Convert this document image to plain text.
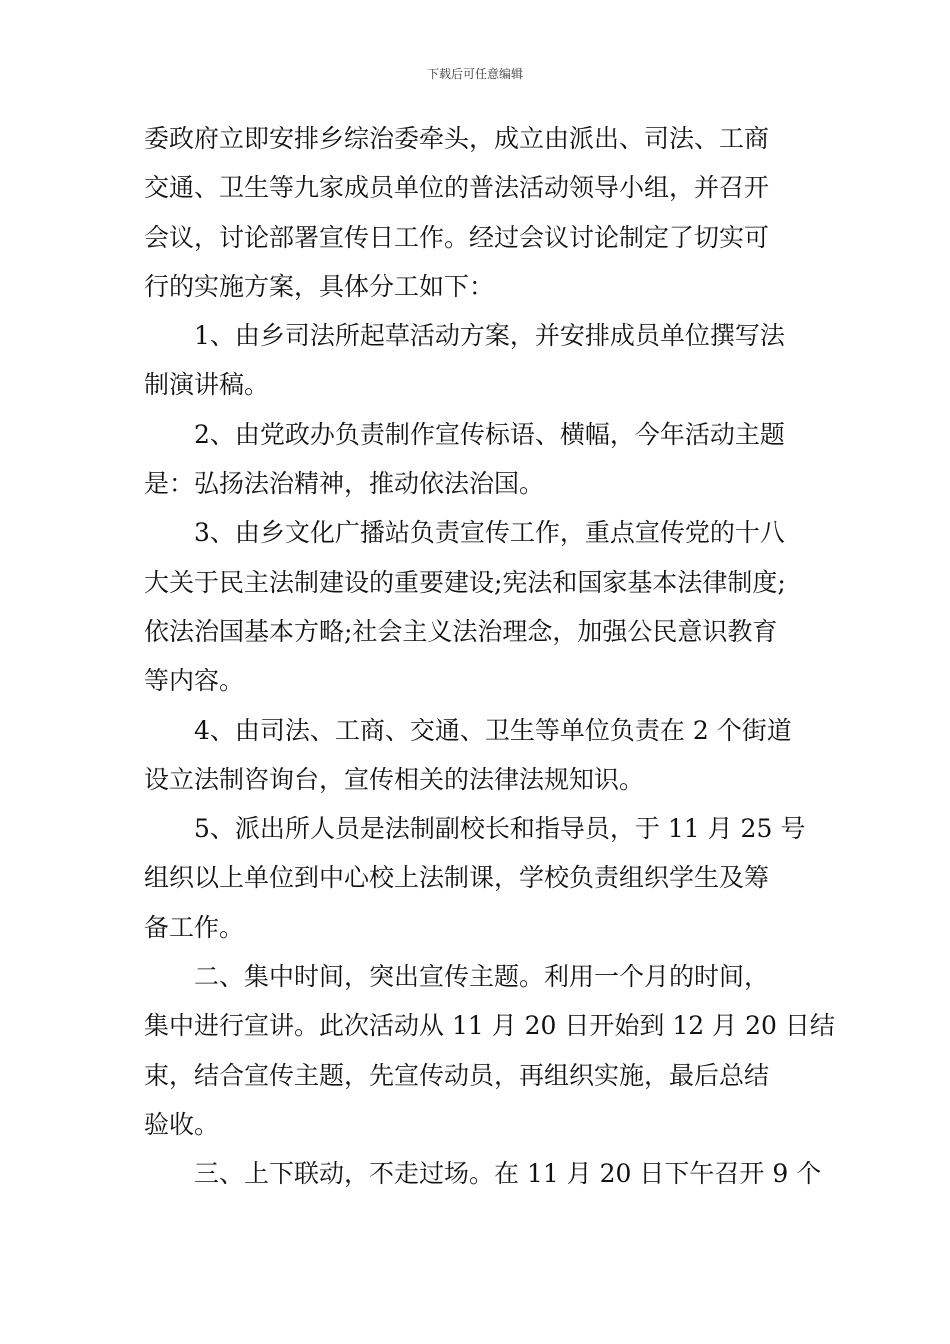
下载后可任意编辑
委政府立即安排乡综治委牵头，成立由派出、司法、工商
交通、卫生等九家成员单位的普法活动领导小组，并召开
会议，讨论部署宣传日工作。经过会议讨论制定了切实可
行的实施方案，具体分工如下：
1、由乡司法所起草活动方案，并安排成员单位撰写法
制演讲稿。
2、由党政办负责制作宣传标语、横幅，今年活动主题
是：弘扬法治精神，推动依法治国。
3、由乡文化广播站负责宣传工作，重点宣传党的十八
大关于民主法制建设的重要建设;宪法和国家基本法律制度;
依法治国基本方略;社会主义法治理念，加强公民意识教育
等内容。
4、由司法、工商、交通、卫生等单位负责在 2 个街道
设立法制咨询台，宣传相关的法律法规知识。
5、派出所人员是法制副校长和指导员，于 11 月 25 号
组织以上单位到中心校上法制课，学校负责组织学生及筹
备工作。
二、集中时间，突出宣传主题。利用一个月的时间，
集中进行宣讲。此次活动从 11 月 20 日开始到 12 月 20 日结
束，结合宣传主题，先宣传动员，再组织实施，最后总结
验收。
三、上下联动，不走过场。在 11 月 20 日下午召开 9 个
